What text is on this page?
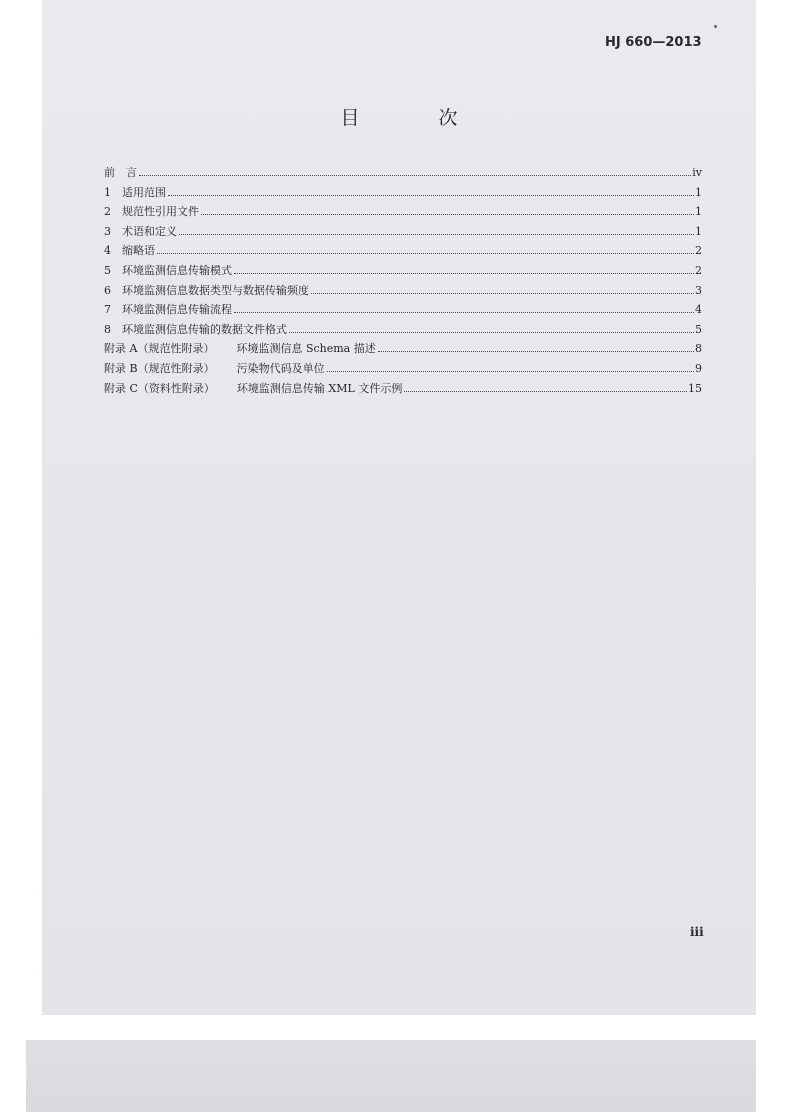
HJ 660—2013
目　次
前　言	iv
1　适用范围	1
2　规范性引用文件	1
3　术语和定义	1
4　缩略语	2
5　环境监测信息传输模式	2
6　环境监测信息数据类型与数据传输频度	3
7　环境监测信息传输流程	4
8　环境监测信息传输的数据文件格式	5
附录 A（规范性附录） 环境监测信息 Schema 描述	8
附录 B（规范性附录） 污染物代码及单位	9
附录 C（资料性附录） 环境监测信息传输 XML 文件示例	15
iii
